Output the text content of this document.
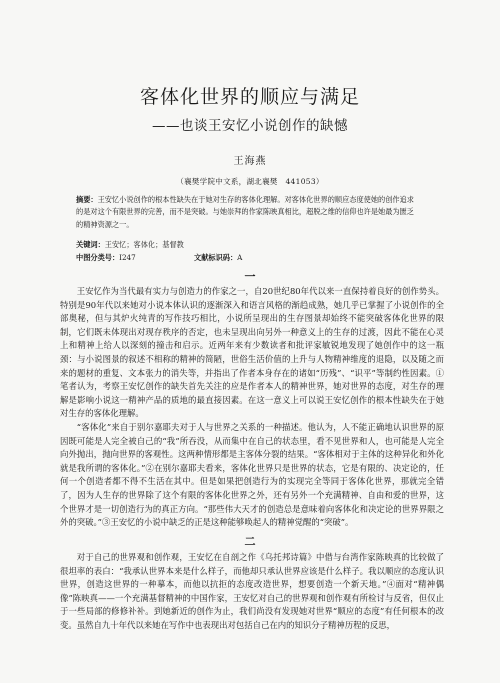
客体化世界的顺应与满足
——也谈王安忆小说创作的缺憾
王海燕
（襄樊学院中文系，湖北襄樊　441053）
摘要：王安忆小说创作的根本性缺失在于她对生存的客体化理解。对客体化世界的顺应态度使她的创作追求的是对这个有限世界的完善，而不是突破。与她崇拜的作家陈映真相比，超脱之维的信仰也许是她最为匮乏的精神资源之一。
关键词：王安忆；客体化；基督教
中图分类号：I247	文献标识码：A
一

王安忆作为当代最有实力与创造力的作家之一，自20世纪80年代以来一直保持着良好的创作势头。特别是90年代以来她对小说本体认识的逐渐深入和语言风格的渐趋成熟，她几乎已掌握了小说创作的全部奥秘，但与其炉火纯青的写作技巧相比，小说所呈现出的生存图景却始终不能突破客体化世界的限制，它们既未体现出对现存秩序的否定，也未呈现出向另外一种意义上的生存的过渡，因此不能在心灵上和精神上给人以深刻的撞击和启示。近两年来有少数读者和批评家敏锐地发现了她创作中的这一瓶颈：与小说图景的叙述不相称的精神的简陋，世俗生活价值的上升与人物精神维度的退隐，以及随之而来的题材的重复、文本张力的消失等，并指出了作者本身存在的诸如“历残”、“识平”等制约性因素。①笔者认为，考察王安忆创作的缺失首先关注的应是作者本人的精神世界，她对世界的态度，对生存的理解是影响小说这一精神产品的质地的最直接因素。在这一意义上可以说王安忆创作的根本性缺失在于她对生存的客体化理解。

“客体化”来自于别尔嘉耶夫对于人与世界之关系的一种描述。他认为，人不能正确地认识世界的原因既可能是人完全被自己的“我”所吞没，从而集中在自己的状态里，看不见世界和人，也可能是人完全向外抛出，抛向世界的客观性。这两种情形都是主客体分裂的结果。“客体相对于主体的这种异化和外化就是我所谓的客体化。”②在别尔嘉耶夫看来，客体化世界只是世界的状态，它是有限的、决定论的，任何一个创造者都不得不生活在其中。但是如果把创造行为的实现完全等同于客体化世界，那就完全错了，因为人生存的世界除了这个有限的客体化世界之外，还有另外一个充满精神、自由和爱的世界，这个世界才是一切创造行为的真正方向。“那些伟大天才的创造总是意味着向客体化和决定论的世界界限之外的突破。”③王安忆的小说中缺乏的正是这种能够唤起人的精神觉醒的“突破”。

二

对于自己的世界观和创作观，王安忆在自剖之作《乌托邦诗篇》中借与台湾作家陈映真的比较做了很坦率的表白：“我承认世界本来是什么样子，而他却只承认世界应该是什么样子。我以顺应的态度认识世界，创造这世界的一种摹本，而他以抗拒的态度改造世界，想要创造一个新天地。”④面对“精神偶像”陈映真——一个充满基督精神的中国作家，王安忆对自己的世界观和创作观有所检讨与反省，但仅止于一些局部的修修补补。到她新近的创作为止，我们尚没有发现她对世界“顺应的态度”有任何根本的改变。虽然自九十年代以来她在写作中也表现出对包括自己在内的知识分子精神历程的反思，
